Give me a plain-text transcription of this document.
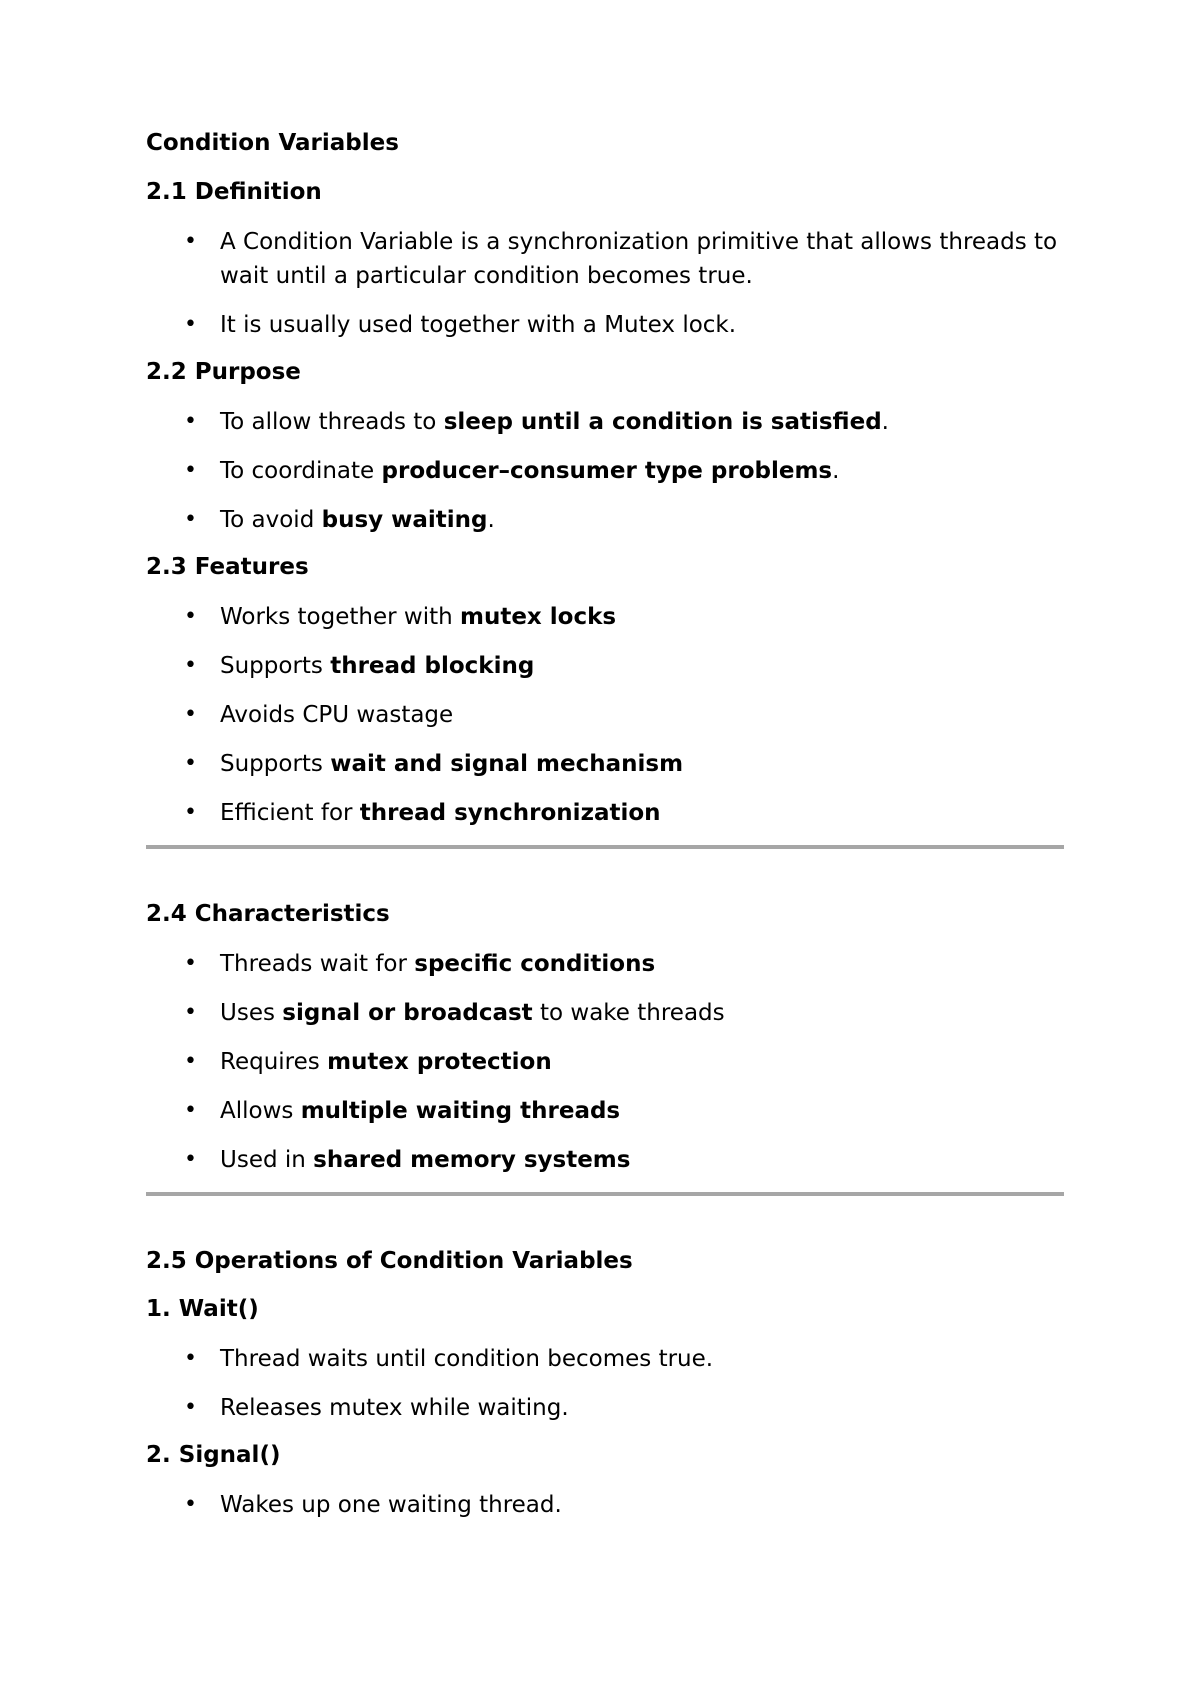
Condition Variables

2.1 Definition

• A Condition Variable is a synchronization primitive that allows threads to wait until a particular condition becomes true.
• It is usually used together with a Mutex lock.

2.2 Purpose

• To allow threads to sleep until a condition is satisfied.
• To coordinate producer–consumer type problems.
• To avoid busy waiting.

2.3 Features

• Works together with mutex locks
• Supports thread blocking
• Avoids CPU wastage
• Supports wait and signal mechanism
• Efficient for thread synchronization

2.4 Characteristics

• Threads wait for specific conditions
• Uses signal or broadcast to wake threads
• Requires mutex protection
• Allows multiple waiting threads
• Used in shared memory systems

2.5 Operations of Condition Variables

1. Wait()

• Thread waits until condition becomes true.
• Releases mutex while waiting.

2. Signal()

• Wakes up one waiting thread.
